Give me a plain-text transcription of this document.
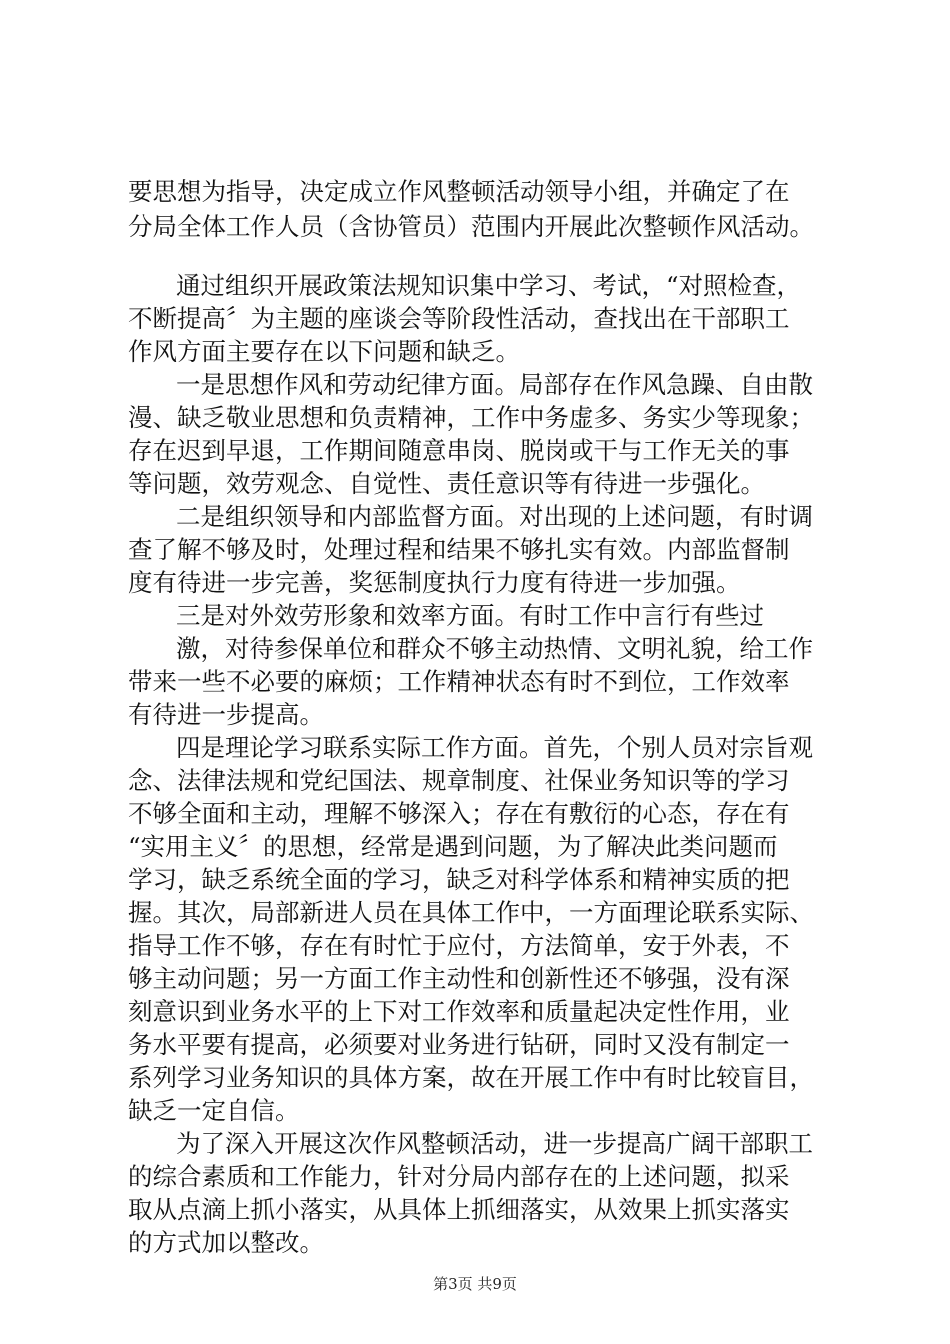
要思想为指导，决定成立作风整顿活动领导小组，并确定了在
分局全体工作人员（含协管员）范围内开展此次整顿作风活动。
通过组织开展政策法规知识集中学习、考试，“对照检查，
不断提高〞为主题的座谈会等阶段性活动，查找出在干部职工
作风方面主要存在以下问题和缺乏。
一是思想作风和劳动纪律方面。局部存在作风急躁、自由散
漫、缺乏敬业思想和负责精神，工作中务虚多、务实少等现象；
存在迟到早退，工作期间随意串岗、脱岗或干与工作无关的事
等问题，效劳观念、自觉性、责任意识等有待进一步强化。
二是组织领导和内部监督方面。对出现的上述问题，有时调
查了解不够及时，处理过程和结果不够扎实有效。内部监督制
度有待进一步完善，奖惩制度执行力度有待进一步加强。
三是对外效劳形象和效率方面。有时工作中言行有些过
激，对待参保单位和群众不够主动热情、文明礼貌，给工作
带来一些不必要的麻烦；工作精神状态有时不到位，工作效率
有待进一步提高。
四是理论学习联系实际工作方面。首先，个别人员对宗旨观
念、法律法规和党纪国法、规章制度、社保业务知识等的学习
不够全面和主动，理解不够深入；存在有敷衍的心态，存在有
“实用主义〞的思想，经常是遇到问题，为了解决此类问题而
学习，缺乏系统全面的学习，缺乏对科学体系和精神实质的把
握。其次，局部新进人员在具体工作中，一方面理论联系实际、
指导工作不够，存在有时忙于应付，方法简单，安于外表，不
够主动问题；另一方面工作主动性和创新性还不够强，没有深
刻意识到业务水平的上下对工作效率和质量起决定性作用，业
务水平要有提高，必须要对业务进行钻研，同时又没有制定一
系列学习业务知识的具体方案，故在开展工作中有时比较盲目，
缺乏一定自信。
为了深入开展这次作风整顿活动，进一步提高广阔干部职工
的综合素质和工作能力，针对分局内部存在的上述问题，拟采
取从点滴上抓小落实，从具体上抓细落实，从效果上抓实落实
的方式加以整改。
第3页 共9页
